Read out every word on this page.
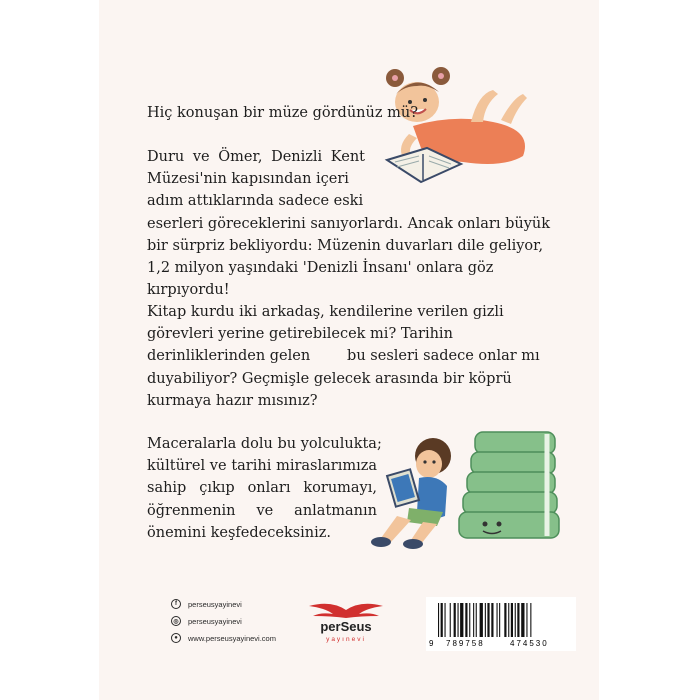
Hiç konuşan bir müze gördünüz mü?
Duru ve Ömer, Denizli Kent
Müzesi'nin kapısından içeri
adım attıklarında sadece eski
eserleri göreceklerini sanıyorlardı. Ancak onları büyük
bir sürpriz bekliyordu: Müzenin duvarları dile geliyor,
1,2 milyon yaşındaki 'Denizli İnsanı' onlara göz
kırpıyordu!
Kitap kurdu iki arkadaş, kendilerine verilen gizli
görevleri yerine getirebilecek mi? Tarihin
derinliklerinden gelen        bu sesleri sadece onlar mı
duyabiliyor? Geçmişle gelecek arasında bir köprü
kurmaya hazır mısınız?
Maceralarla dolu bu yolculukta;
kültürel ve tarihi miraslarımıza
sahip çıkıp onları korumayı,
öğrenmenin ve anlatmanın
önemini keşfedeceksiniz.
f	perseusyayinevi
◎	perseusyayinevi
●	www.perseusyayinevi.com
perSeus
yayınevi	9 789758	474530
